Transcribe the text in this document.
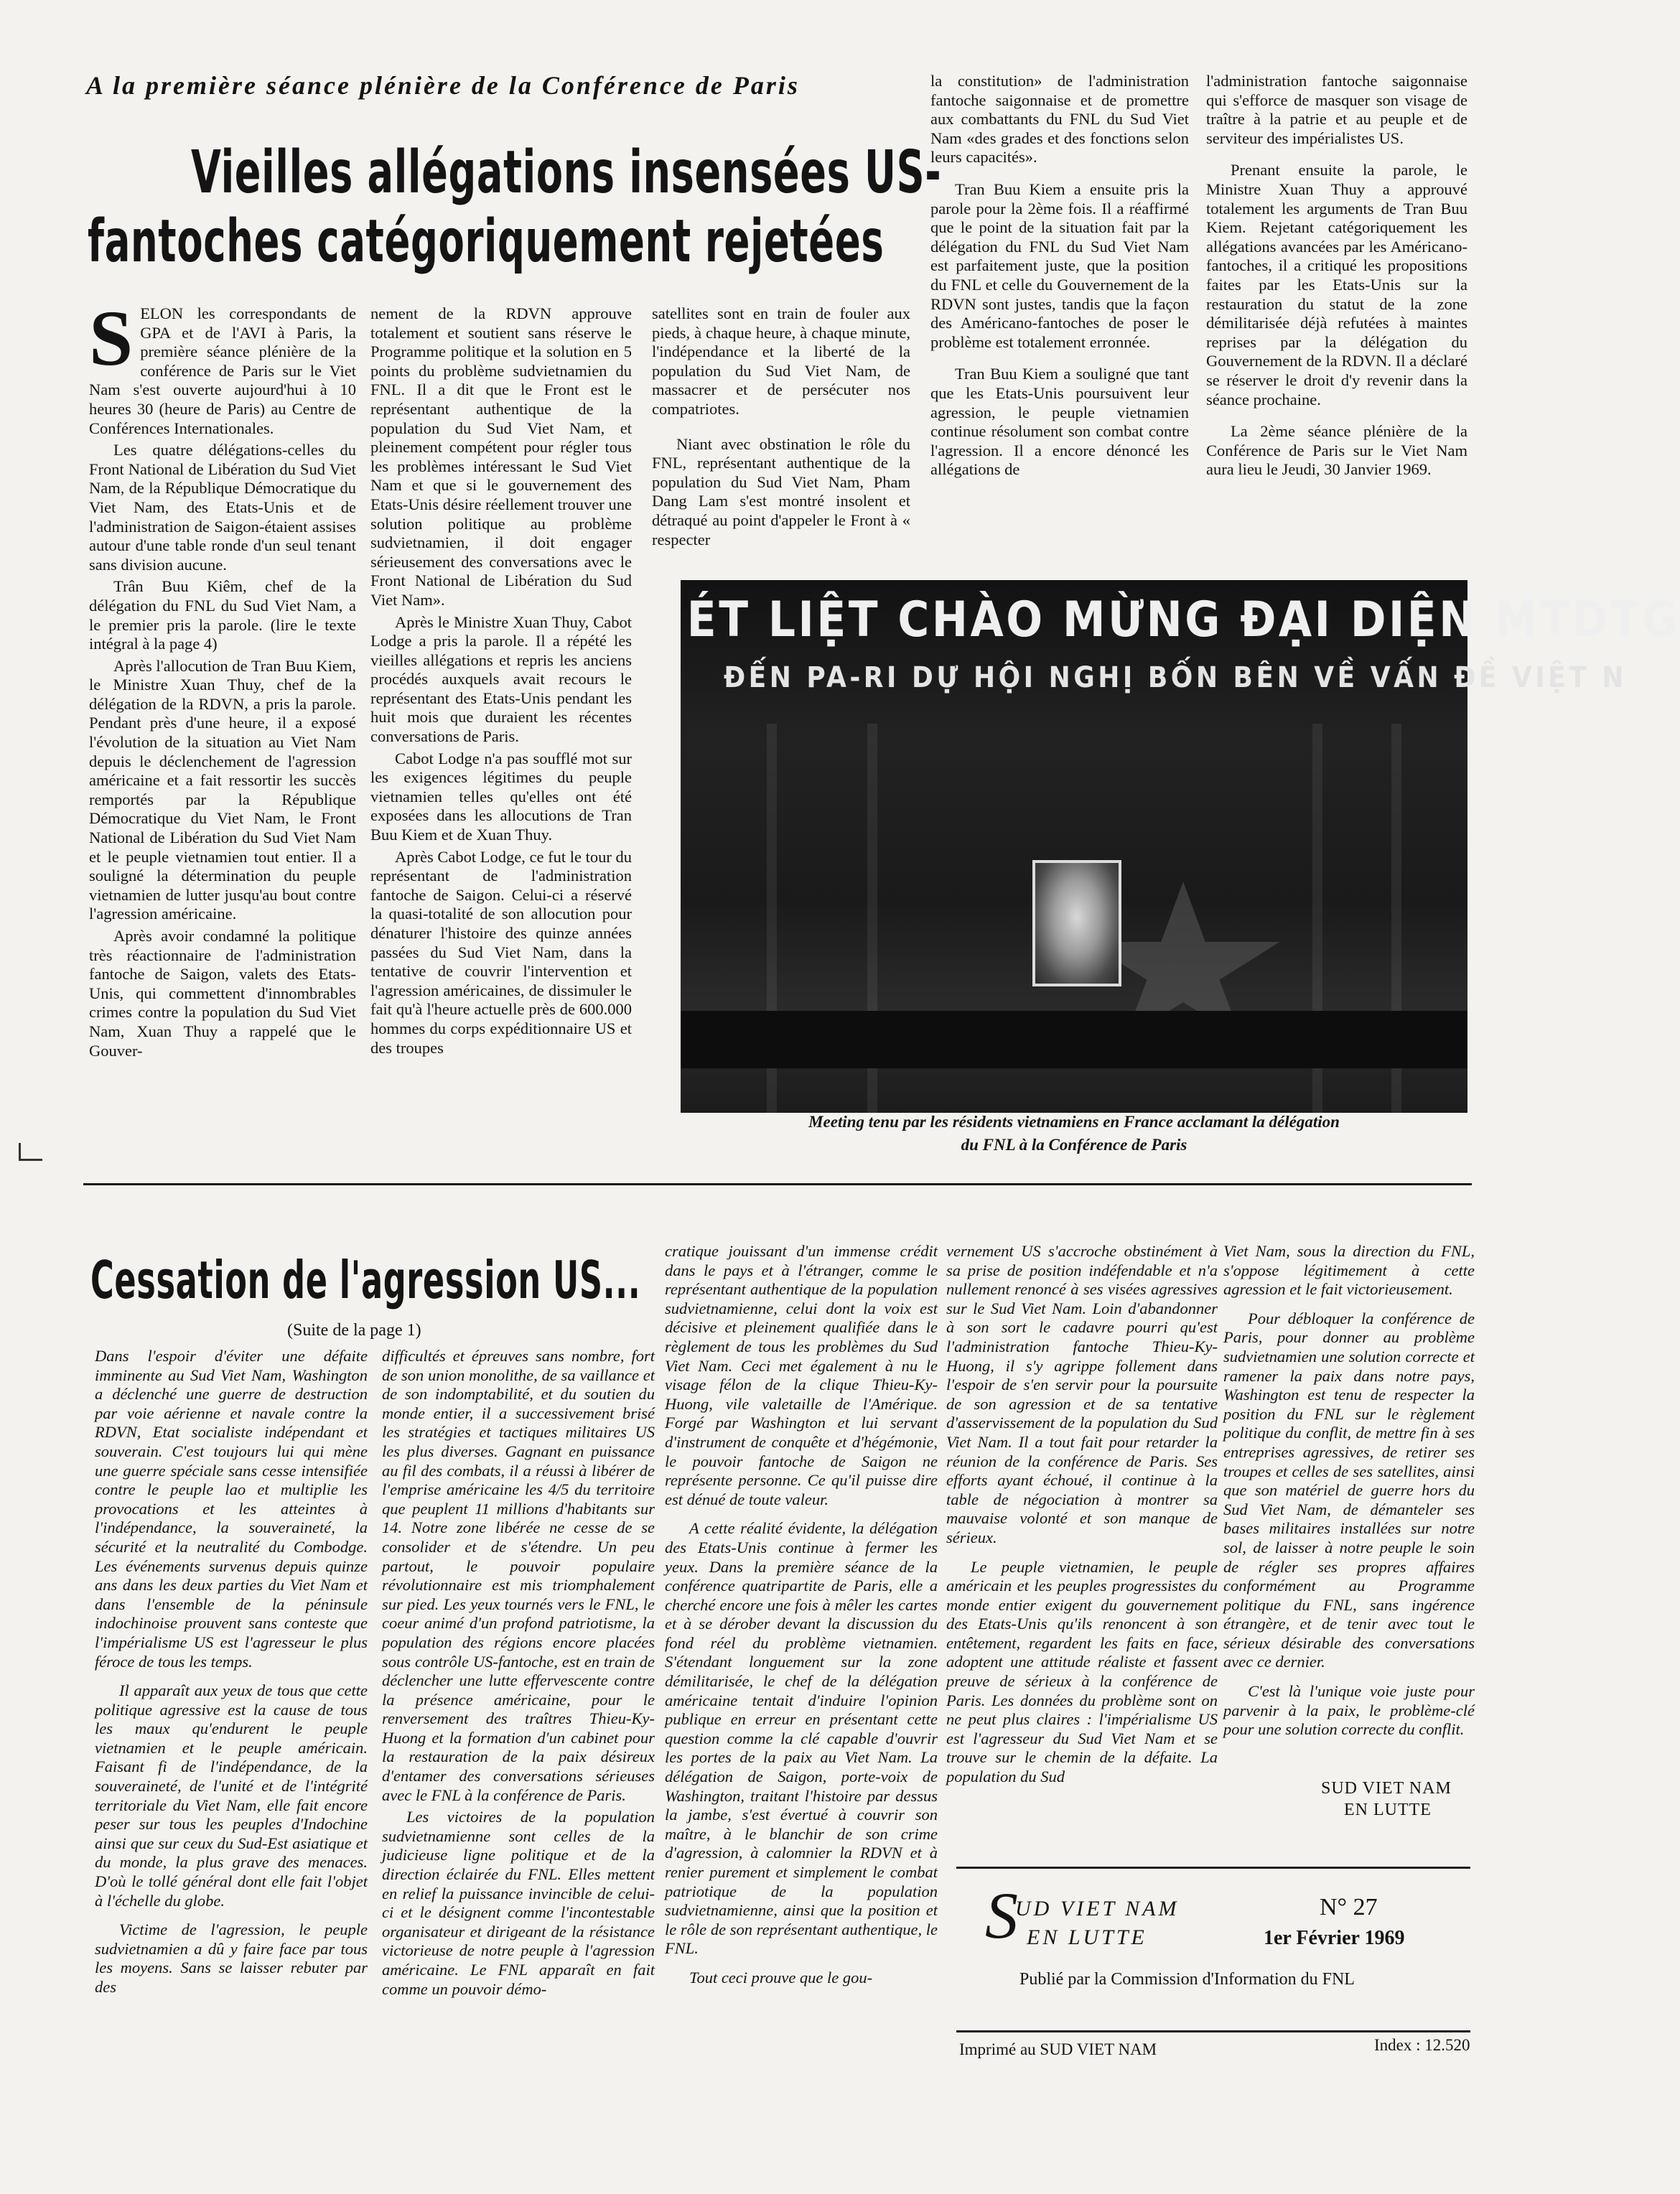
A la première séance plénière de la Conférence de Paris
Vieilles allégations insensées US-
fantoches catégoriquement rejetées

SELON les correspondants de GPA et de l'AVI à Paris, la première séance plénière de la conférence de Paris sur le Viet Nam s'est ouverte aujourd'hui à 10 heures 30 (heure de Paris) au Centre de Conférences Internationales.

Les quatre délégations-celles du Front National de Libération du Sud Viet Nam, de la République Démocratique du Viet Nam, des Etats-Unis et de l'administration de Saigon-étaient assises autour d'une table ronde d'un seul tenant sans division aucune.

Trân Buu Kiêm, chef de la délégation du FNL du Sud Viet Nam, a le premier pris la parole. (lire le texte intégral à la page 4)

Après l'allocution de Tran Buu Kiem, le Ministre Xuan Thuy, chef de la délégation de la RDVN, a pris la parole. Pendant près d'une heure, il a exposé l'évolution de la situation au Viet Nam depuis le déclenchement de l'agression américaine et a fait ressortir les succès remportés par la République Démocratique du Viet Nam, le Front National de Libération du Sud Viet Nam et le peuple vietnamien tout entier. Il a souligné la détermination du peuple vietnamien de lutter jusqu'au bout contre l'agression américaine.

Après avoir condamné la politique très réactionnaire de l'administration fantoche de Saigon, valets des Etats-Unis, qui commettent d'innombrables crimes contre la population du Sud Viet Nam, Xuan Thuy a rappelé que le Gouver-

nement de la RDVN approuve totalement et soutient sans réserve le Programme politique et la solution en 5 points du problème sudvietnamien du FNL. Il a dit que le Front est le représentant authentique de la population du Sud Viet Nam, et pleinement compétent pour régler tous les problèmes intéressant le Sud Viet Nam et que si le gouvernement des Etats-Unis désire réellement trouver une solution politique au problème sudvietnamien, il doit engager sérieusement des conversations avec le Front National de Libération du Sud Viet Nam».

Après le Ministre Xuan Thuy, Cabot Lodge a pris la parole. Il a répété les vieilles allégations et repris les anciens procédés auxquels avait recours le représentant des Etats-Unis pendant les huit mois que duraient les récentes conversations de Paris.

Cabot Lodge n'a pas soufflé mot sur les exigences légitimes du peuple vietnamien telles qu'elles ont été exposées dans les allocutions de Tran Buu Kiem et de Xuan Thuy.

Après Cabot Lodge, ce fut le tour du représentant de l'administration fantoche de Saigon. Celui-ci a réservé la quasi-totalité de son allocution pour dénaturer l'histoire des quinze années passées du Sud Viet Nam, dans la tentative de couvrir l'intervention et l'agression américaines, de dissimuler le fait qu'à l'heure actuelle près de 600.000 hommes du corps expéditionnaire US et des troupes

satellites sont en train de fouler aux pieds, à chaque heure, à chaque minute, l'indépendance et la liberté de la population du Sud Viet Nam, de massacrer et de persécuter nos compatriotes.

Niant avec obstination le rôle du FNL, représentant authentique de la population du Sud Viet Nam, Pham Dang Lam s'est montré insolent et détraqué au point d'appeler le Front à « respecter

la constitution» de l'administration fantoche saigonnaise et de promettre aux combattants du FNL du Sud Viet Nam «des grades et des fonctions selon leurs capacités».

Tran Buu Kiem a ensuite pris la parole pour la 2ème fois. Il a réaffirmé que le point de la situation fait par la délégation du FNL du Sud Viet Nam est parfaitement juste, que la position du FNL et celle du Gouvernement de la RDVN sont justes, tandis que la façon des Américano-fantoches de poser le problème est totalement erronnée.

Tran Buu Kiem a souligné que tant que les Etats-Unis poursuivent leur agression, le peuple vietnamien continue résolument son combat contre l'agression. Il a encore dénoncé les allégations de

l'administration fantoche saigonnaise qui s'efforce de masquer son visage de traître à la patrie et au peuple et de serviteur des impérialistes US.

Prenant ensuite la parole, le Ministre Xuan Thuy a approuvé totalement les arguments de Tran Buu Kiem. Rejetant catégoriquement les allégations avancées par les Américano-fantoches, il a critiqué les propositions faites par les Etats-Unis sur la restauration du statut de la zone démilitarisée déjà refutées à maintes reprises par la délégation du Gouvernement de la RDVN. Il a déclaré se réserver le droit d'y revenir dans la séance prochaine.

La 2ème séance plénière de la Conférence de Paris sur le Viet Nam aura lieu le Jeudi, 30 Janvier 1969.

ÉT LIỆT CHÀO MỪNG ĐẠI DIỆN MTDTG
ĐẾN PA-RI DỰ HỘI NGHỊ BỐN BÊN VỀ VẤN ĐỀ VIỆT N
Meeting tenu par les résidents vietnamiens en France acclamant la délégation
du FNL à la Conférence de Paris
Cessation de l'agression US...
(Suite de la page 1)

Dans l'espoir d'éviter une défaite imminente au Sud Viet Nam, Washington a déclenché une guerre de destruction par voie aérienne et navale contre la RDVN, Etat socialiste indépendant et souverain. C'est toujours lui qui mène une guerre spéciale sans cesse intensifiée contre le peuple lao et multiplie les provocations et les atteintes à l'indépendance, la souveraineté, la sécurité et la neutralité du Combodge. Les événements survenus depuis quinze ans dans les deux parties du Viet Nam et dans l'ensemble de la péninsule indochinoise prouvent sans conteste que l'impérialisme US est l'agresseur le plus féroce de tous les temps.

Il apparaît aux yeux de tous que cette politique agressive est la cause de tous les maux qu'endurent le peuple vietnamien et le peuple américain. Faisant fi de l'indépendance, de la souveraineté, de l'unité et de l'intégrité territoriale du Viet Nam, elle fait encore peser sur tous les peuples d'Indochine ainsi que sur ceux du Sud-Est asiatique et du monde, la plus grave des menaces. D'où le tollé général dont elle fait l'objet à l'échelle du globe.

Victime de l'agression, le peuple sudvietnamien a dû y faire face par tous les moyens. Sans se laisser rebuter par des

difficultés et épreuves sans nombre, fort de son union monolithe, de sa vaillance et de son indomptabilité, et du soutien du monde entier, il a successivement brisé les stratégies et tactiques militaires US les plus diverses. Gagnant en puissance au fil des combats, il a réussi à libérer de l'emprise américaine les 4/5 du territoire que peuplent 11 millions d'habitants sur 14. Notre zone libérée ne cesse de se consolider et de s'étendre. Un peu partout, le pouvoir populaire révolutionnaire est mis triomphalement sur pied. Les yeux tournés vers le FNL, le coeur animé d'un profond patriotisme, la population des régions encore placées sous contrôle US-fantoche, est en train de déclencher une lutte effervescente contre la présence américaine, pour le renversement des traîtres Thieu-Ky-Huong et la formation d'un cabinet pour la restauration de la paix désireux d'entamer des conversations sérieuses avec le FNL à la conférence de Paris.

Les victoires de la population sudvietnamienne sont celles de la judicieuse ligne politique et de la direction éclairée du FNL. Elles mettent en relief la puissance invincible de celui-ci et le désignent comme l'incontestable organisateur et dirigeant de la résistance victorieuse de notre peuple à l'agression américaine. Le FNL apparaît en fait comme un pouvoir démo-

cratique jouissant d'un immense crédit dans le pays et à l'étranger, comme le représentant authentique de la population sudvietnamienne, celui dont la voix est décisive et pleinement qualifiée dans le règlement de tous les problèmes du Sud Viet Nam. Ceci met également à nu le visage félon de la clique Thieu-Ky-Huong, vile valetaille de l'Amérique. Forgé par Washington et lui servant d'instrument de conquête et d'hégémonie, le pouvoir fantoche de Saigon ne représente personne. Ce qu'il puisse dire est dénué de toute valeur.

A cette réalité évidente, la délégation des Etats-Unis continue à fermer les yeux. Dans la première séance de la conférence quatripartite de Paris, elle a cherché encore une fois à mêler les cartes et à se dérober devant la discussion du fond réel du problème vietnamien. S'étendant longuement sur la zone démilitarisée, le chef de la délégation américaine tentait d'induire l'opinion publique en erreur en présentant cette question comme la clé capable d'ouvrir les portes de la paix au Viet Nam. La délégation de Saigon, porte-voix de Washington, traitant l'histoire par dessus la jambe, s'est évertué à couvrir son maître, à le blanchir de son crime d'agression, à calomnier la RDVN et à renier purement et simplement le combat patriotique de la population sudvietnamienne, ainsi que la position et le rôle de son représentant authentique, le FNL.

Tout ceci prouve que le gou-

vernement US s'accroche obstinément à sa prise de position indéfendable et n'a nullement renoncé à ses visées agressives sur le Sud Viet Nam. Loin d'abandonner à son sort le cadavre pourri qu'est l'administration fantoche Thieu-Ky-Huong, il s'y agrippe follement dans l'espoir de s'en servir pour la poursuite de son agression et de sa tentative d'asservissement de la population du Sud Viet Nam. Il a tout fait pour retarder la réunion de la conférence de Paris. Ses efforts ayant échoué, il continue à la table de négociation à montrer sa mauvaise volonté et son manque de sérieux.

Le peuple vietnamien, le peuple américain et les peuples progressistes du monde entier exigent du gouvernement des Etats-Unis qu'ils renoncent à son entêtement, regardent les faits en face, adoptent une attitude réaliste et fassent preuve de sérieux à la conférence de Paris. Les données du problème sont on ne peut plus claires : l'impérialisme US est l'agresseur du Sud Viet Nam et se trouve sur le chemin de la défaite. La population du Sud

Viet Nam, sous la direction du FNL, s'oppose légitimement à cette agression et le fait victorieusement.

Pour débloquer la conférence de Paris, pour donner au problème sudvietnamien une solution correcte et ramener la paix dans notre pays, Washington est tenu de respecter la position du FNL sur le règlement politique du conflit, de mettre fin à ses entreprises agressives, de retirer ses troupes et celles de ses satellites, ainsi que son matériel de guerre hors du Sud Viet Nam, de démanteler ses bases militaires installées sur notre sol, de laisser à notre peuple le soin de régler ses propres affaires conformément au Programme politique du FNL, sans ingérence étrangère, et de tenir avec tout le sérieux désirable des conversations avec ce dernier.

C'est là l'unique voie juste pour parvenir à la paix, le problème-clé pour une solution correcte du conflit.

SUD VIET NAM
EN LUTTE
S
UD VIET NAM
EN LUTTE
N° 27
1er Février 1969
Publié par la Commission d'Information du FNL
Imprimé au SUD VIET NAM	Index : 12.520
